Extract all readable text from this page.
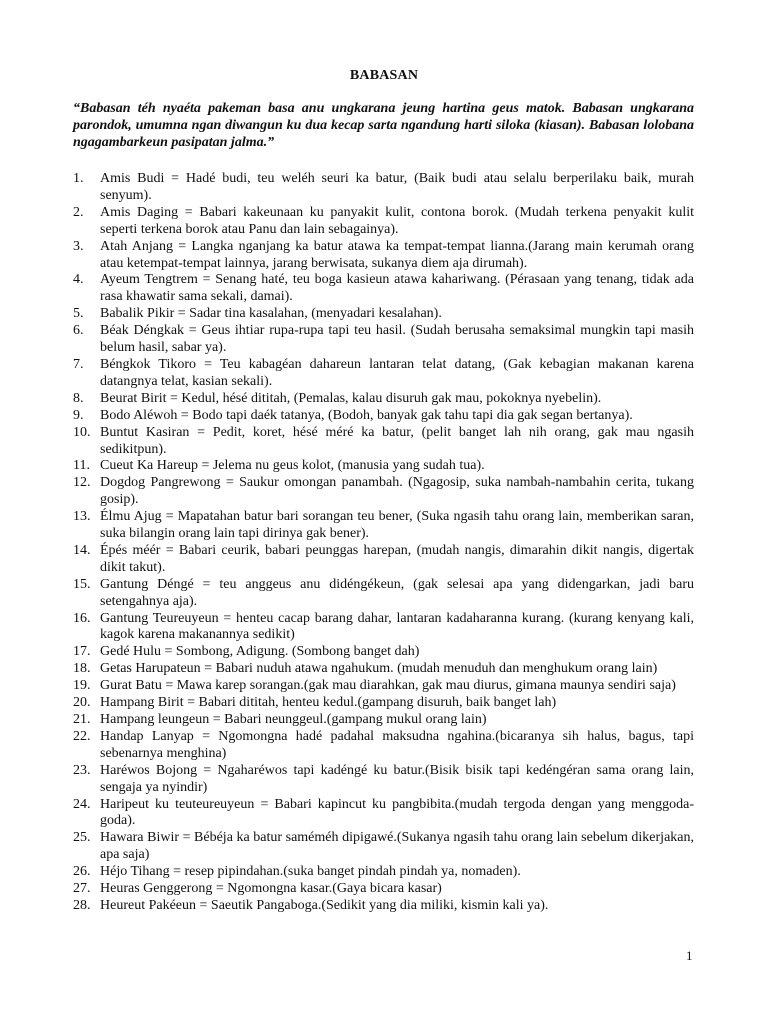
BABASAN
“Babasan téh nyaéta pakeman basa anu ungkarana jeung hartina geus matok. Babasan ungkarana parondok, umumna ngan diwangun ku dua kecap sarta ngandung harti siloka (kiasan). Babasan lolobana ngagambarkeun pasipatan jalma.”
1.	Amis Budi = Hadé budi, teu weléh seuri ka batur, (Baik budi atau selalu berperilaku baik, murah senyum).
2.	Amis Daging = Babari kakeunaan ku panyakit kulit, contona borok. (Mudah terkena penyakit kulit seperti terkena borok atau Panu dan lain sebagainya).
3.	Atah Anjang = Langka nganjang ka batur atawa ka tempat-tempat lianna.(Jarang main kerumah orang atau ketempat-tempat lainnya, jarang berwisata, sukanya diem aja dirumah).
4.	Ayeum Tengtrem = Senang haté, teu boga kasieun atawa kahariwang. (Pérasaan yang tenang, tidak ada rasa khawatir sama sekali, damai).
5.	Babalik Pikir = Sadar tina kasalahan, (menyadari kesalahan).
6.	Béak Déngkak = Geus ihtiar rupa-rupa tapi teu hasil. (Sudah berusaha semaksimal mungkin tapi masih belum hasil, sabar ya).
7.	Béngkok Tikoro = Teu kabagéan dahareun lantaran telat datang, (Gak kebagian makanan karena datangnya telat, kasian sekali).
8.	Beurat Birit = Kedul, hésé dititah, (Pemalas, kalau disuruh gak mau, pokoknya nyebelin).
9.	Bodo Aléwoh = Bodo tapi daék tatanya, (Bodoh, banyak gak tahu tapi dia gak segan bertanya).
10. Buntut Kasiran = Pedit, koret, hésé méré ka batur, (pelit banget lah nih orang, gak mau ngasih sedikitpun).
11. Cueut Ka Hareup = Jelema nu geus kolot, (manusia yang sudah tua).
12. Dogdog Pangrewong = Saukur omongan panambah. (Ngagosip, suka nambah-nambahin cerita, tukang gosip).
13. Élmu Ajug = Mapatahan batur bari sorangan teu bener, (Suka ngasih tahu orang lain, memberikan saran, suka bilangin orang lain tapi dirinya gak bener).
14. Épés méér = Babari ceurik, babari peunggas harepan, (mudah nangis, dimarahin dikit nangis, digertak dikit takut).
15. Gantung Déngé = teu anggeus anu didéngékeun, (gak selesai apa yang didengarkan, jadi baru setengahnya aja).
16. Gantung Teureuyeun = henteu cacap barang dahar, lantaran kadaharanna kurang. (kurang kenyang kali, kagok karena makanannya sedikit)
17. Gedé Hulu = Sombong, Adigung. (Sombong banget dah)
18. Getas Harupateun = Babari nuduh atawa ngahukum. (mudah menuduh dan menghukum orang lain)
19. Gurat Batu = Mawa karep sorangan.(gak mau diarahkan, gak mau diurus, gimana maunya sendiri saja)
20. Hampang Birit = Babari dititah, henteu kedul.(gampang disuruh, baik banget lah)
21. Hampang leungeun = Babari neunggeul.(gampang mukul orang lain)
22. Handap Lanyap = Ngomongna hadé padahal maksudna ngahina.(bicaranya sih halus, bagus, tapi sebenarnya menghina)
23. Haréwos Bojong = Ngaharéwos tapi kadéngé ku batur.(Bisik bisik tapi kedéngéran sama orang lain, sengaja ya nyindir)
24. Haripeut ku teuteureuyeun = Babari kapincut ku pangbibita.(mudah tergoda dengan yang menggoda-goda).
25. Hawara Biwir = Bébéja ka batur saméméh dipigawé.(Sukanya ngasih tahu orang lain sebelum dikerjakan, apa saja)
26. Héjo Tihang = resep pipindahan.(suka banget pindah pindah ya, nomaden).
27. Heuras Genggerong = Ngomongna kasar.(Gaya bicara kasar)
28. Heureut Pakéeun = Saeutik Pangaboga.(Sedikit yang dia miliki, kismin kali ya).
1
